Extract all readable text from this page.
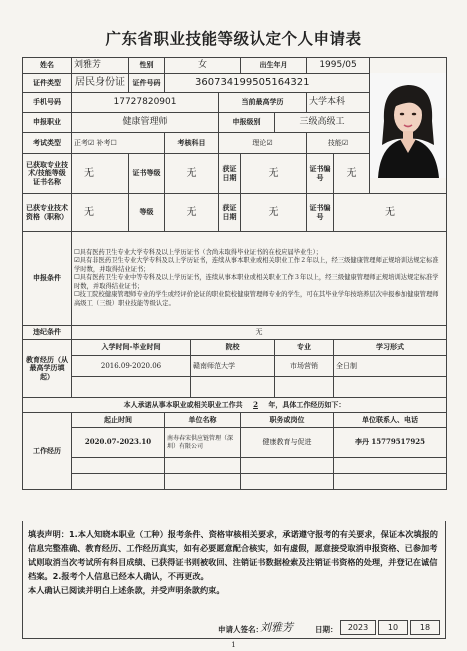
广东省职业技能等级认定个人申请表
姓名	刘雅芳	性别	女			出生年月		1995/05	

证件类型	居民身份证	证件号码	360734199505164321							
手机号码	17727820901				当前最高学历			大学本科		
申报职业	健康管理师				申报级别		三级高级工			
考试类型	正考☑ 补考☐		考核科目		理论☑			技能☑		
已获取专业技术/技能等级证书名称	无	证书等级	无		获证日期	无		证书编号	无	
已获专业技术资格（职称）	无	等级	无		获证日期	无		证书编号	无	
申报条件	☐具有医药卫生专业大学专科及以上学历证书（含尚未取得毕业证书的在校应届毕业生）；

☑具有非医药卫生专业大学专科及以上学历证书，连续从事本职业或相关职业工作２年以上，经三级健康管理师正规培训达规定标准学时数，并取得结业证书；

☐具有医药卫生专业中等专科及以上学历证书，连续从事本职业或相关职业工作３年以上，经三级健康管理师正规培训达规定标准学时数，并取得结业证书；

☐技工院校健康管理师专业的学生或经评价论证的职业院校健康管理师专业的学生，可在其毕业学年按培养层次申报参加健康管理师高级工（三级）职业技能等级认定。									

违纪条件	无									
教育经历（从最高学历填起）	入学时间-毕业时间			院校			专业		学习形式	
	2016.09-2020.06			赣南师范大学			市场营销		全日制	

本人承诺从事本职业或相关职业工作共 2 年，具体工作经历如下：										
工作经历	起止时间		单位名称			职务或岗位			单位联系人、电话	
	2020.07-2023.10		南寿春宋供应链管理（深圳）有限公司			健康教育与促进			李丹 15779517925	

填表声明：1.本人知晓本职业（工种）报考条件、资格审核相关要求，承诺遵守报考的有关要求，保证本次填报的信息完整准确、教育经历、工作经历真实，如有必要愿意配合核实，如有虚假，愿意接受取消申报资格、已参加考试则取消当次考试所有科目成绩、已获得证书则被收回、注销证书数据检索及注销证书资格的处理，并登记在诚信档案。2.报考个人信息已经本人确认，不再更改。
本人确认已阅读并明白上述条款，并受声明条款约束。
申请人签名：
刘雅芳	日期：	2023	10	18
1
